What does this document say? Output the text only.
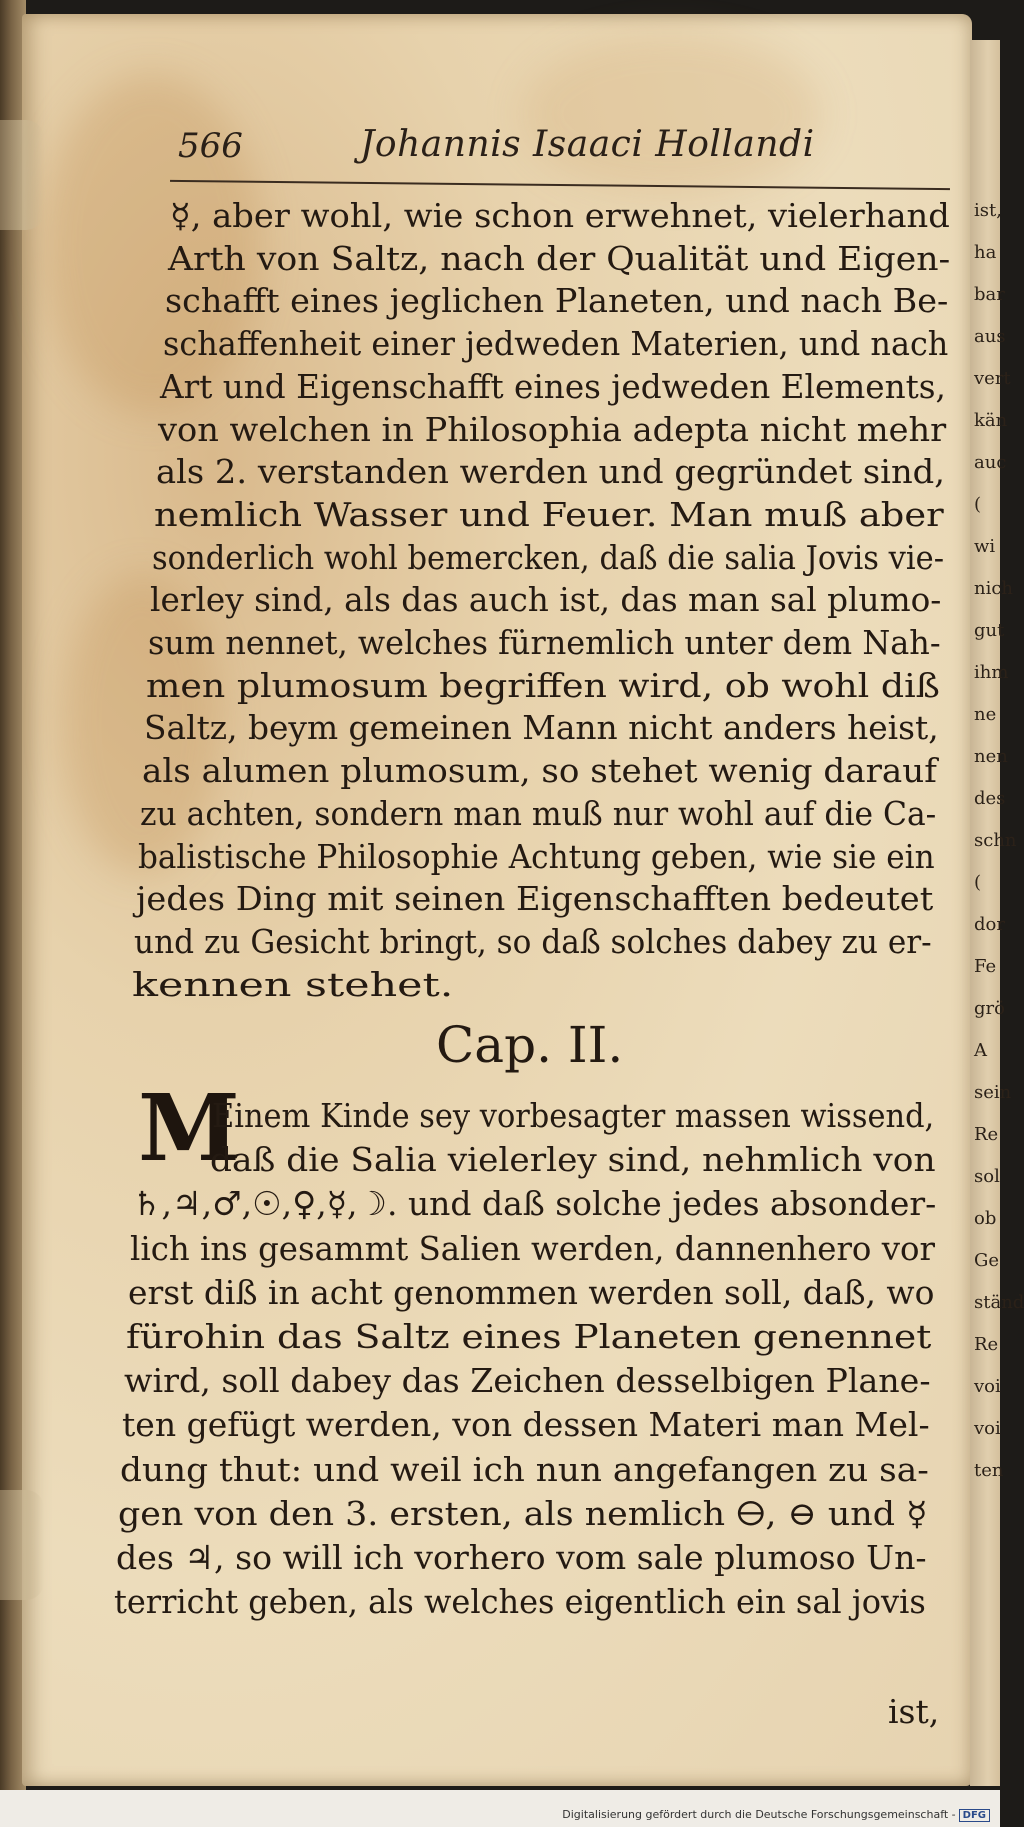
ist,
ha
bar
aus
vert
kän
auc
(
wi
nich
gut
ihm
ne
nen
des
schn
(
dor
Fe
grö
A
sein
Re
sol
ob
Ge
ständ
Re
voi
voi
ten
566	Johannis Isaaci Hollandi
☿, aber wohl, wie schon erwehnet, vielerhand
Arth von Saltz, nach der Qualität und Eigen-
schafft eines jeglichen Planeten, und nach Be-
schaffenheit einer jedweden Materien, und nach
Art und Eigenschafft eines jedweden Elements,
von welchen in Philosophia adepta nicht mehr
als 2. verstanden werden und gegründet sind,
nemlich Wasser und Feuer. Man muß aber
sonderlich wohl bemercken, daß die salia Jovis vie-
lerley sind, als das auch ist, das man sal plumo-
sum nennet, welches fürnemlich unter dem Nah-
men plumosum begriffen wird, ob wohl diß
Saltz, beym gemeinen Mann nicht anders heist,
als alumen plumosum, so stehet wenig darauf
zu achten, sondern man muß nur wohl auf die Ca-
balistische Philosophie Achtung geben, wie sie ein
jedes Ding mit seinen Eigenschafften bedeutet
und zu Gesicht bringt, so daß solches dabey zu er-
kennen stehet.
Cap. II.
M
Einem Kinde sey vorbesagter massen wissend,
daß die Salia vielerley sind, nehmlich von
♄,♃,♂,☉,♀,☿,☽. und daß solche jedes absonder-
lich ins gesammt Salien werden, dannenhero vor
erst diß in acht genommen werden soll, daß, wo
fürohin das Saltz eines Planeten genennet
wird, soll dabey das Zeichen desselbigen Plane-
ten gefügt werden, von dessen Materi man Mel-
dung thut: und weil ich nun angefangen zu sa-
gen von den 3. ersten, als nemlich 🜔, ⊖ und ☿
des ♃, so will ich vorhero vom sale plumoso Un-
terricht geben, als welches eigentlich ein sal jovis
ist,
Digitalisierung gefördert durch die Deutsche Forschungsgemeinschaft - DFG
